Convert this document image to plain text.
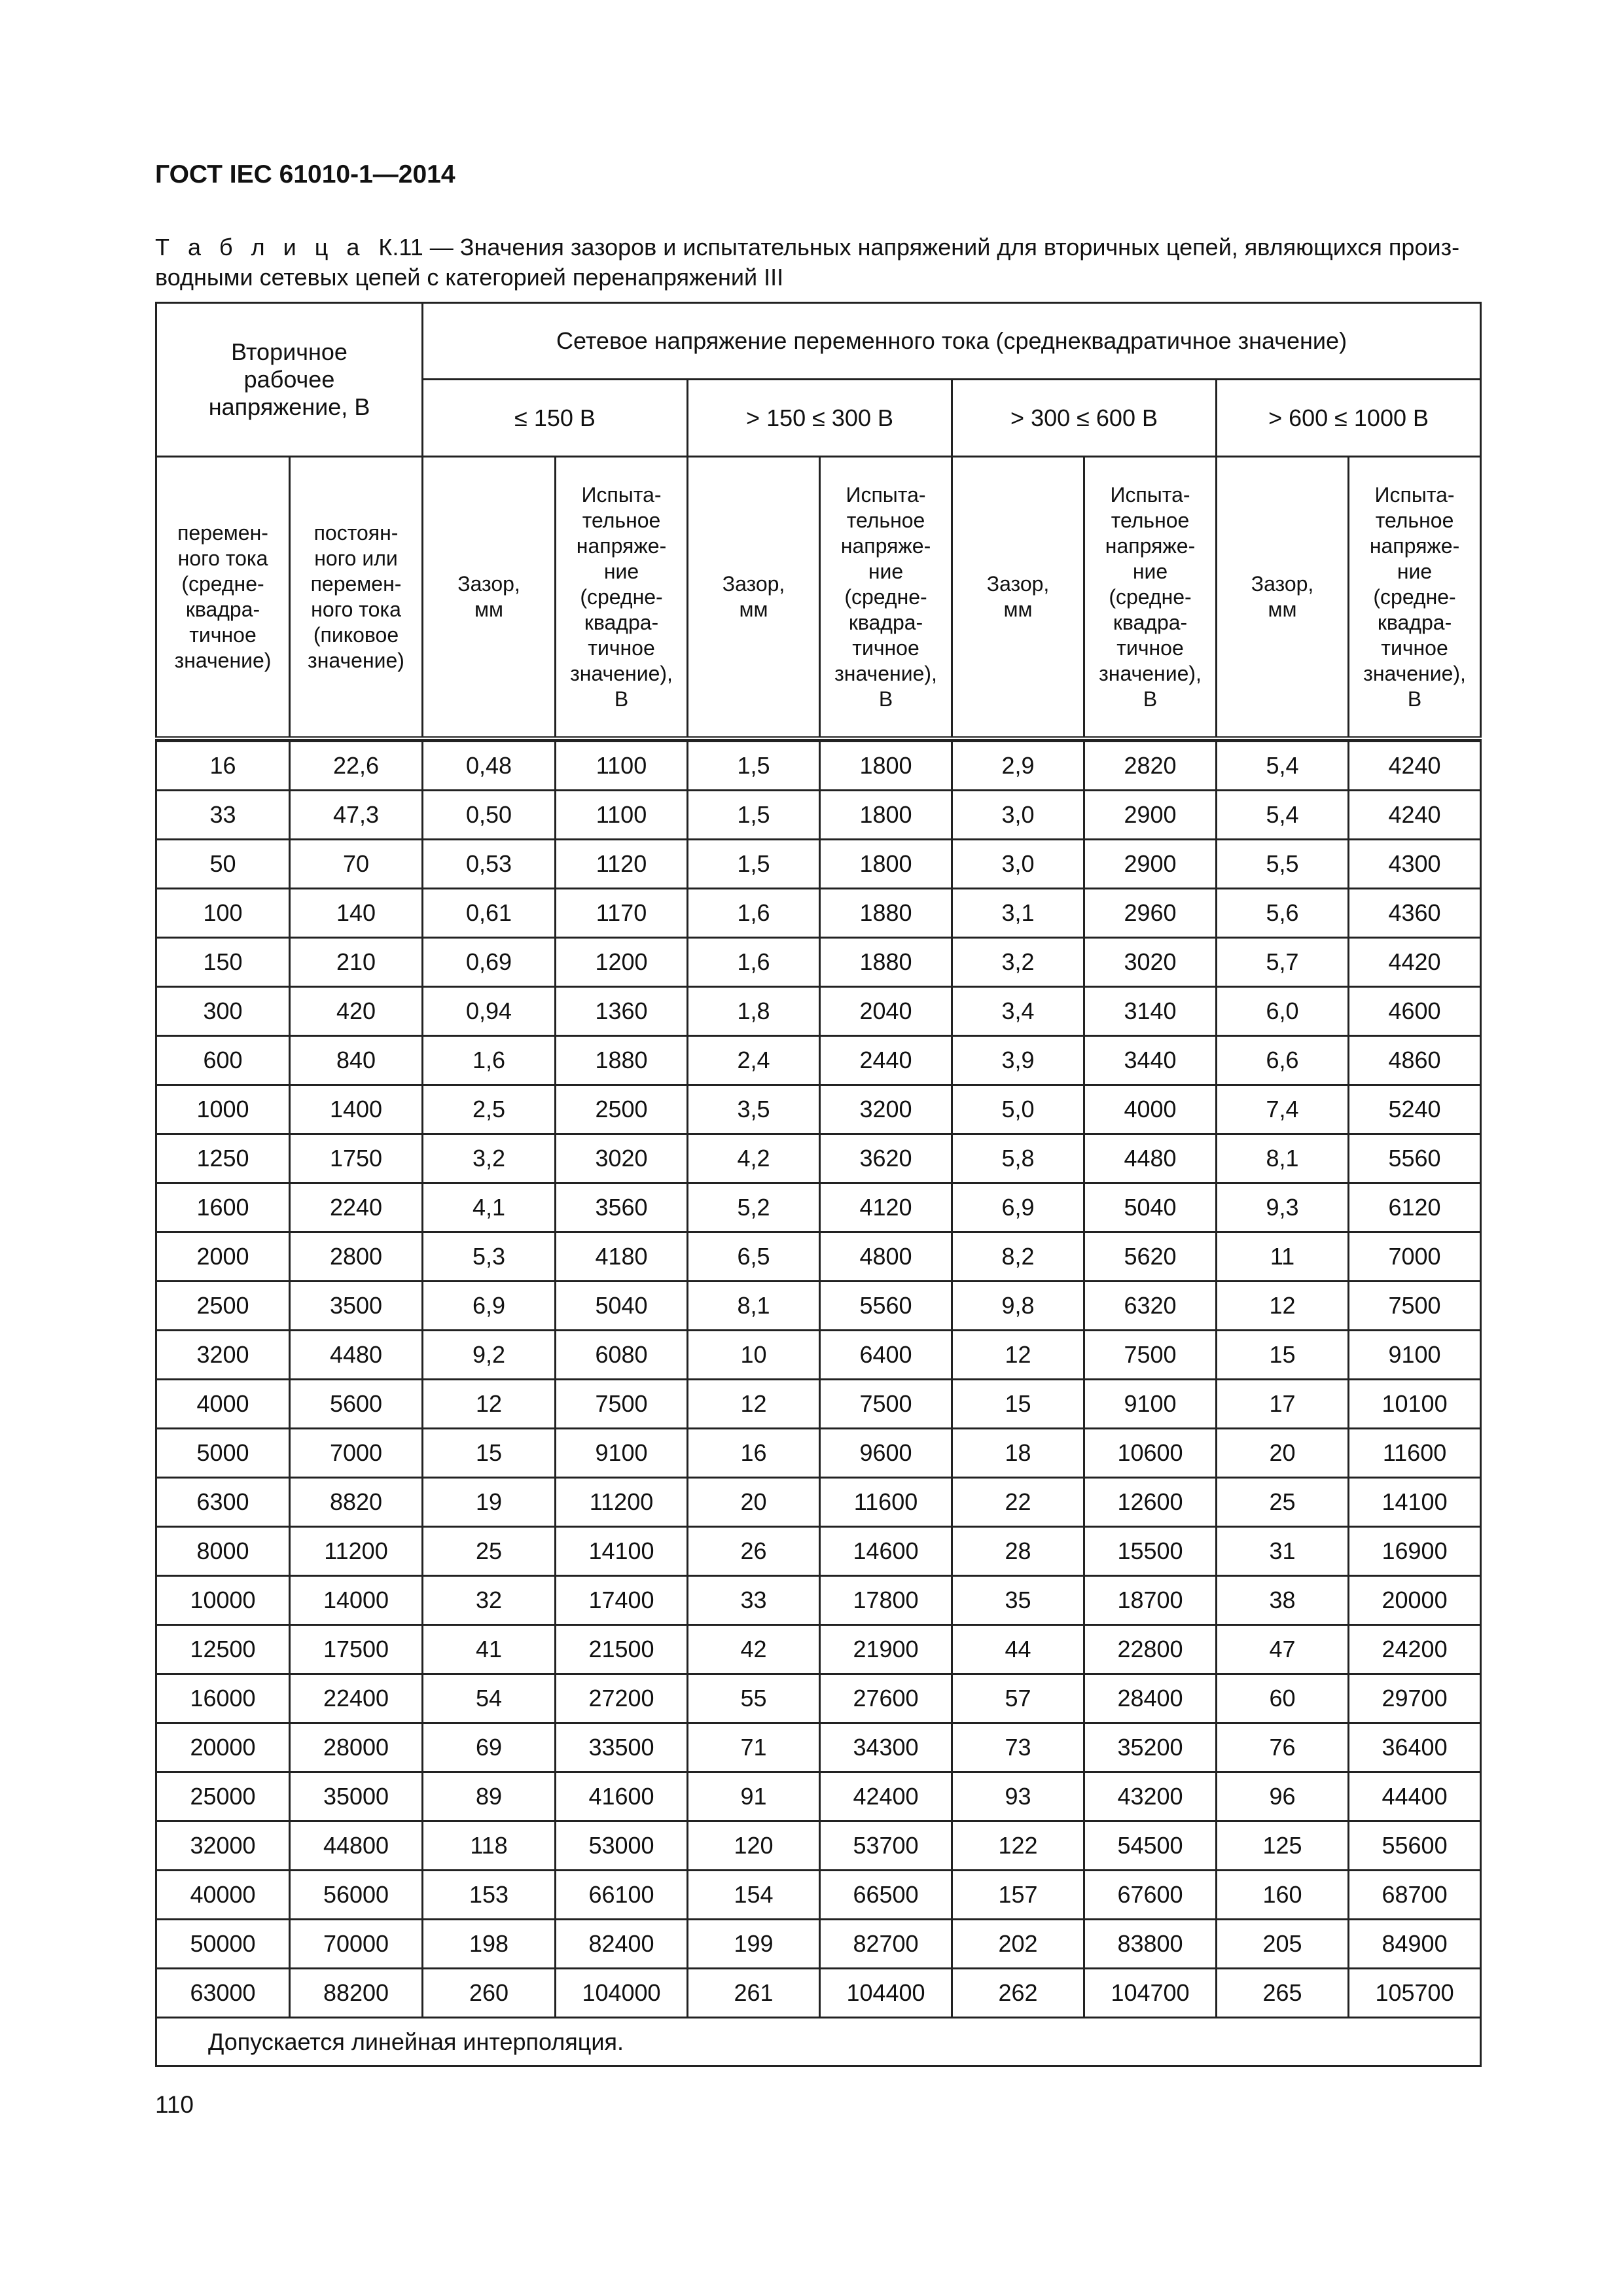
ГОСТ IEC 61010-1—2014
Т а б л и ц а К.11 — Значения зазоров и испытательных напряжений для вторичных цепей, являющихся произ-водными сетевых цепей с категорией перенапряжений III
Вторичное рабочее напряжение, В		Сетевое напряжение переменного тока (среднеквадратичное значение)							
		≤ 150 В		> 150 ≤ 300 В		> 300 ≤ 600 В		> 600 ≤ 1000 В	
перемен-ного тока (средне-квадра-тичное значение)	постоян-ного или перемен-ного тока (пиковое значение)	Зазор, мм	Испыта-тельное напряже-ние (средне-квадра-тичное значение), В	Зазор, мм	Испыта-тельное напряже-ние (средне-квадра-тичное значение), В	Зазор, мм	Испыта-тельное напряже-ние (средне-квадра-тичное значение), В	Зазор, мм	Испыта-тельное напряже-ние (средне-квадра-тичное значение), В

16	22,6	0,48	1100	1,5	1800	2,9	2820	5,4	4240
33	47,3	0,50	1100	1,5	1800	3,0	2900	5,4	4240
50	70	0,53	1120	1,5	1800	3,0	2900	5,5	4300
100	140	0,61	1170	1,6	1880	3,1	2960	5,6	4360
150	210	0,69	1200	1,6	1880	3,2	3020	5,7	4420
300	420	0,94	1360	1,8	2040	3,4	3140	6,0	4600
600	840	1,6	1880	2,4	2440	3,9	3440	6,6	4860
1000	1400	2,5	2500	3,5	3200	5,0	4000	7,4	5240
1250	1750	3,2	3020	4,2	3620	5,8	4480	8,1	5560
1600	2240	4,1	3560	5,2	4120	6,9	5040	9,3	6120
2000	2800	5,3	4180	6,5	4800	8,2	5620	11	7000
2500	3500	6,9	5040	8,1	5560	9,8	6320	12	7500
3200	4480	9,2	6080	10	6400	12	7500	15	9100
4000	5600	12	7500	12	7500	15	9100	17	10100
5000	7000	15	9100	16	9600	18	10600	20	11600
6300	8820	19	11200	20	11600	22	12600	25	14100
8000	11200	25	14100	26	14600	28	15500	31	16900
10000	14000	32	17400	33	17800	35	18700	38	20000
12500	17500	41	21500	42	21900	44	22800	47	24200
16000	22400	54	27200	55	27600	57	28400	60	29700
20000	28000	69	33500	71	34300	73	35200	76	36400
25000	35000	89	41600	91	42400	93	43200	96	44400
32000	44800	118	53000	120	53700	122	54500	125	55600
40000	56000	153	66100	154	66500	157	67600	160	68700
50000	70000	198	82400	199	82700	202	83800	205	84900
63000	88200	260	104000	261	104400	262	104700	265	105700
Допускается линейная интерполяция.									
110
